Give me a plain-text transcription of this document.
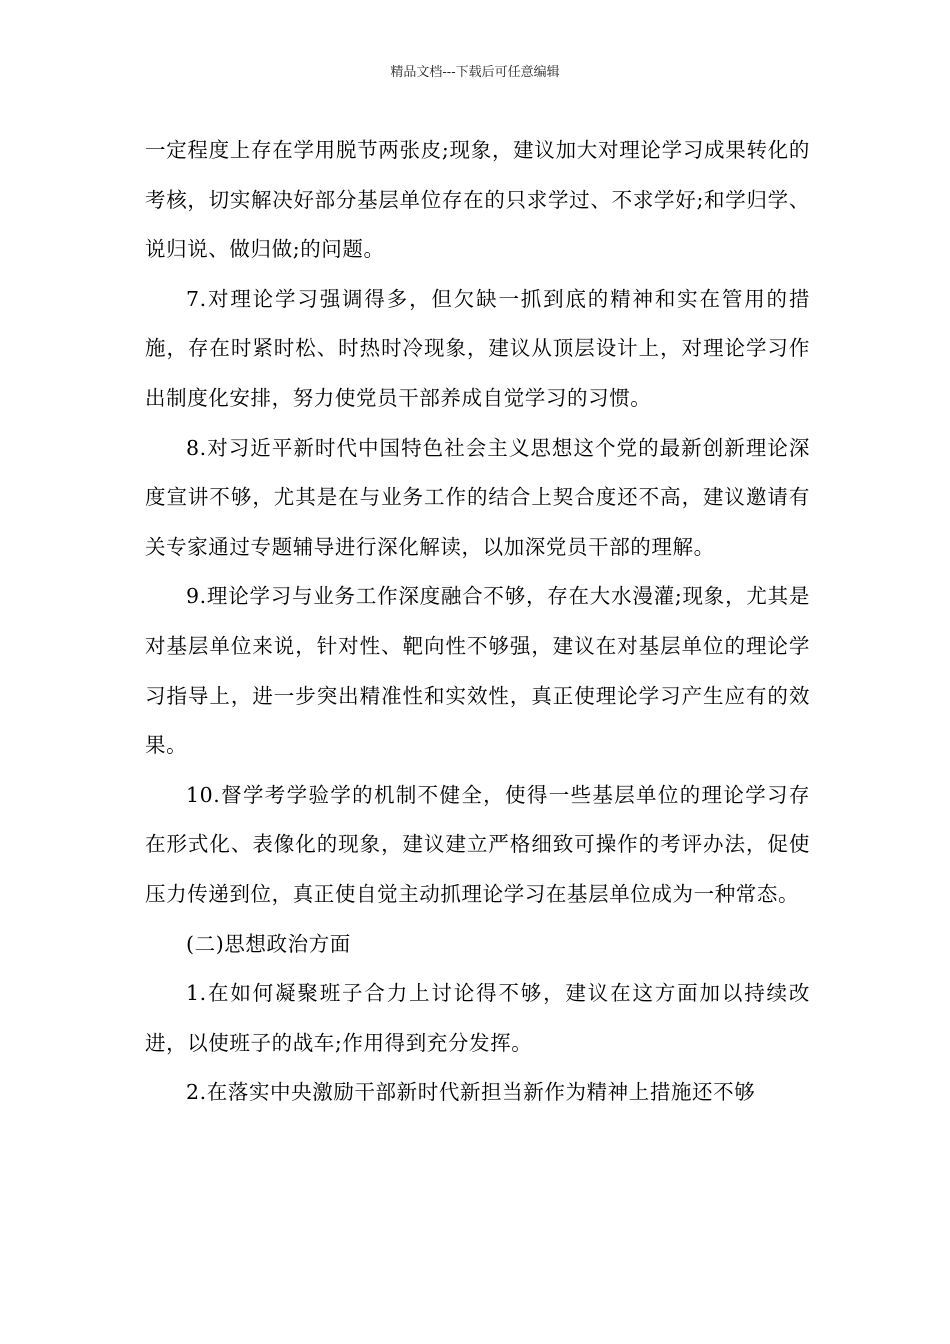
精品文档---下载后可任意编辑

一定程度上存在学用脱节两张皮;现象，建议加大对理论学习成果转化的考核，切实解决好部分基层单位存在的只求学过、不求学好;和学归学、说归说、做归做;的问题。

7.对理论学习强调得多，但欠缺一抓到底的精神和实在管用的措施，存在时紧时松、时热时冷现象，建议从顶层设计上，对理论学习作出制度化安排，努力使党员干部养成自觉学习的习惯。

8.对习近平新时代中国特色社会主义思想这个党的最新创新理论深度宣讲不够，尤其是在与业务工作的结合上契合度还不高，建议邀请有关专家通过专题辅导进行深化解读，以加深党员干部的理解。

9.理论学习与业务工作深度融合不够，存在大水漫灌;现象，尤其是对基层单位来说，针对性、靶向性不够强，建议在对基层单位的理论学习指导上，进一步突出精准性和实效性，真正使理论学习产生应有的效果。

10.督学考学验学的机制不健全，使得一些基层单位的理论学习存在形式化、表像化的现象，建议建立严格细致可操作的考评办法，促使压力传递到位，真正使自觉主动抓理论学习在基层单位成为一种常态。

(二)思想政治方面

1.在如何凝聚班子合力上讨论得不够，建议在这方面加以持续改进，以使班子的战车;作用得到充分发挥。

2.在落实中央激励干部新时代新担当新作为精神上措施还不够
